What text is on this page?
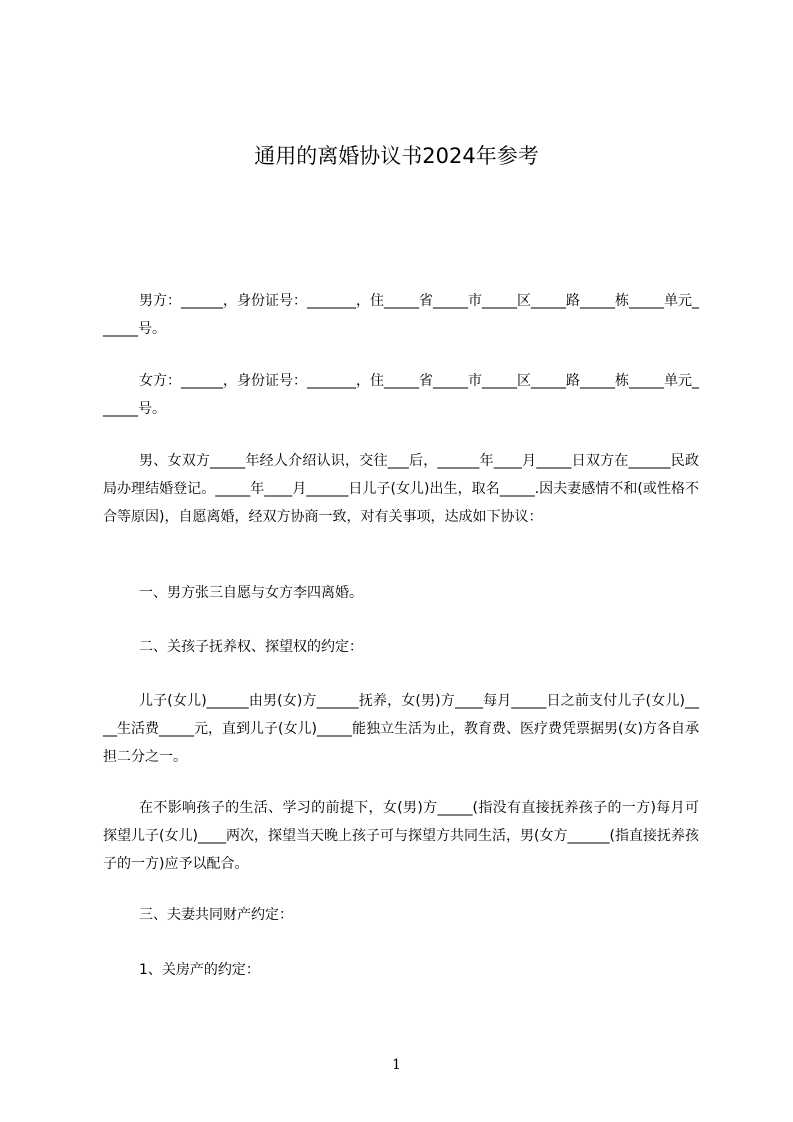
通用的离婚协议书2024年参考

男方：______，身份证号：_______，住_____省_____市_____区_____路_____栋_____单元______号。

女方：______，身份证号：_______，住_____省_____市_____区_____路_____栋_____单元______号。

男、女双方_____年经人介绍认识，交往___后，______年____月_____日双方在______民政局办理结婚登记。_____年____月______日儿子(女儿)出生，取名_____.因夫妻感情不和(或性格不合等原因)，自愿离婚，经双方协商一致，对有关事项，达成如下协议：

一、男方张三自愿与女方李四离婚。

二、关孩子抚养权、探望权的约定：

儿子(女儿)______由男(女)方______抚养，女(男)方____每月_____日之前支付儿子(女儿)____生活费_____元，直到儿子(女儿)_____能独立生活为止，教育费、医疗费凭票据男(女)方各自承担二分之一。

在不影响孩子的生活、学习的前提下，女(男)方_____(指没有直接抚养孩子的一方)每月可探望儿子(女儿)____两次，探望当天晚上孩子可与探望方共同生活，男(女方______(指直接抚养孩子的一方)应予以配合。

三、夫妻共同财产约定：

1、关房产的约定：

1
